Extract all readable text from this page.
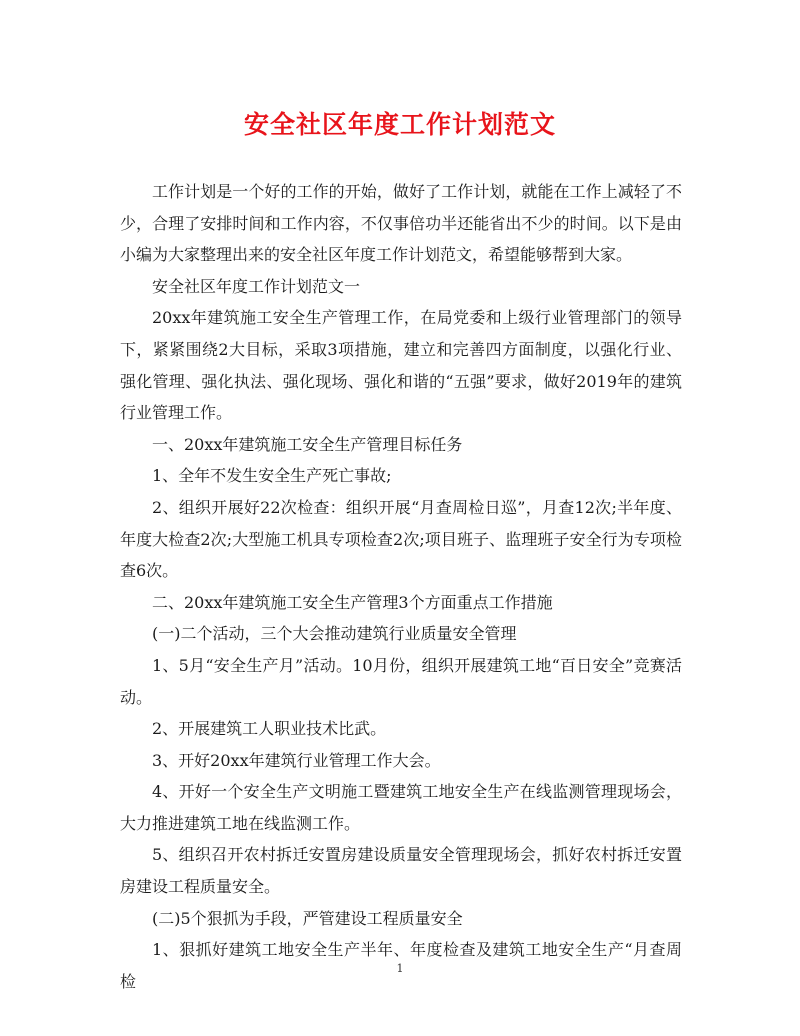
安全社区年度工作计划范文

工作计划是一个好的工作的开始，做好了工作计划，就能在工作上减轻了不少，合理了安排时间和工作内容，不仅事倍功半还能省出不少的时间。以下是由小编为大家整理出来的安全社区年度工作计划范文，希望能够帮到大家。

安全社区年度工作计划范文一

20xx年建筑施工安全生产管理工作，在局党委和上级行业管理部门的领导下，紧紧围绕2大目标，采取3项措施，建立和完善四方面制度，以强化行业、强化管理、强化执法、强化现场、强化和谐的“五强”要求，做好2019年的建筑行业管理工作。

一、20xx年建筑施工安全生产管理目标任务

1、全年不发生安全生产死亡事故;

2、组织开展好22次检查：组织开展“月查周检日巡”，月查12次;半年度、年度大检查2次;大型施工机具专项检查2次;项目班子、监理班子安全行为专项检查6次。

二、20xx年建筑施工安全生产管理3个方面重点工作措施

(一)二个活动，三个大会推动建筑行业质量安全管理

1、5月“安全生产月”活动。10月份，组织开展建筑工地“百日安全”竞赛活动。

2、开展建筑工人职业技术比武。

3、开好20xx年建筑行业管理工作大会。

4、开好一个安全生产文明施工暨建筑工地安全生产在线监测管理现场会，大力推进建筑工地在线监测工作。

5、组织召开农村拆迁安置房建设质量安全管理现场会，抓好农村拆迁安置房建设工程质量安全。

(二)5个狠抓为手段，严管建设工程质量安全

1、狠抓好建筑工地安全生产半年、年度检查及建筑工地安全生产“月查周检

1
